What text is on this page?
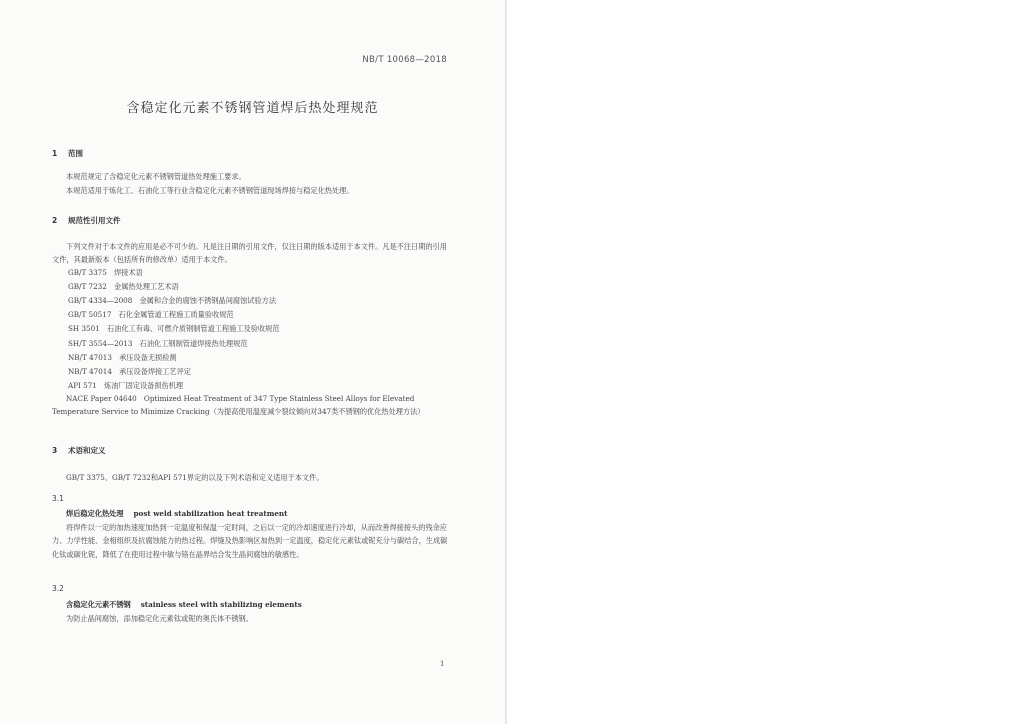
NB/T 10068—2018
含稳定化元素不锈钢管道焊后热处理规范
1 范围
本规范规定了含稳定化元素不锈钢管道热处理施工要求。
本规范适用于炼化工、石油化工等行业含稳定化元素不锈钢管道现场焊接与稳定化热处理。
2 规范性引用文件
下列文件对于本文件的应用是必不可少的。凡是注日期的引用文件，仅注日期的版本适用于本文件。凡是不注日期的引用文件，其最新版本（包括所有的修改单）适用于本文件。
GB/T 3375　焊接术语
GB/T 7232　金属热处理工艺术语
GB/T 4334—2008　金属和合金的腐蚀不锈钢晶间腐蚀试验方法
GB/T 50517　石化金属管道工程施工质量验收规范
SH 3501　石油化工有毒、可燃介质钢制管道工程施工及验收规范
SH/T 3554—2013　石油化工钢制管道焊接热处理规范
NB/T 47013　承压设备无损检测
NB/T 47014　承压设备焊接工艺评定
API 571　炼油厂固定设备损伤机理
NACE Paper 04640　Optimized Heat Treatment of 347 Type Stainless Steel Alloys for Elevated Temperature Service to Minimize Cracking（为提高使用温度减少裂纹倾向对347类不锈钢的优化热处理方法）
3 术语和定义
GB/T 3375、GB/T 7232和API 571界定的以及下列术语和定义适用于本文件。
3.1
焊后稳定化热处理 post weld stabilization heat treatment
将焊件以一定的加热速度加热到一定温度和保温一定时间，之后以一定的冷却速度进行冷却，从而改善焊接接头的残余应力、力学性能、金相组织及抗腐蚀能力的热过程。焊缝及热影响区加热到一定温度，稳定化元素钛或铌充分与碳结合，生成碳化钛或碳化铌，降低了在使用过程中敏与铬在晶界结合发生晶间腐蚀的敏感性。
3.2
含稳定化元素不锈钢 stainless steel with stabilizing elements
为防止晶间腐蚀，添加稳定化元素钛或铌的奥氏体不锈钢。
1
